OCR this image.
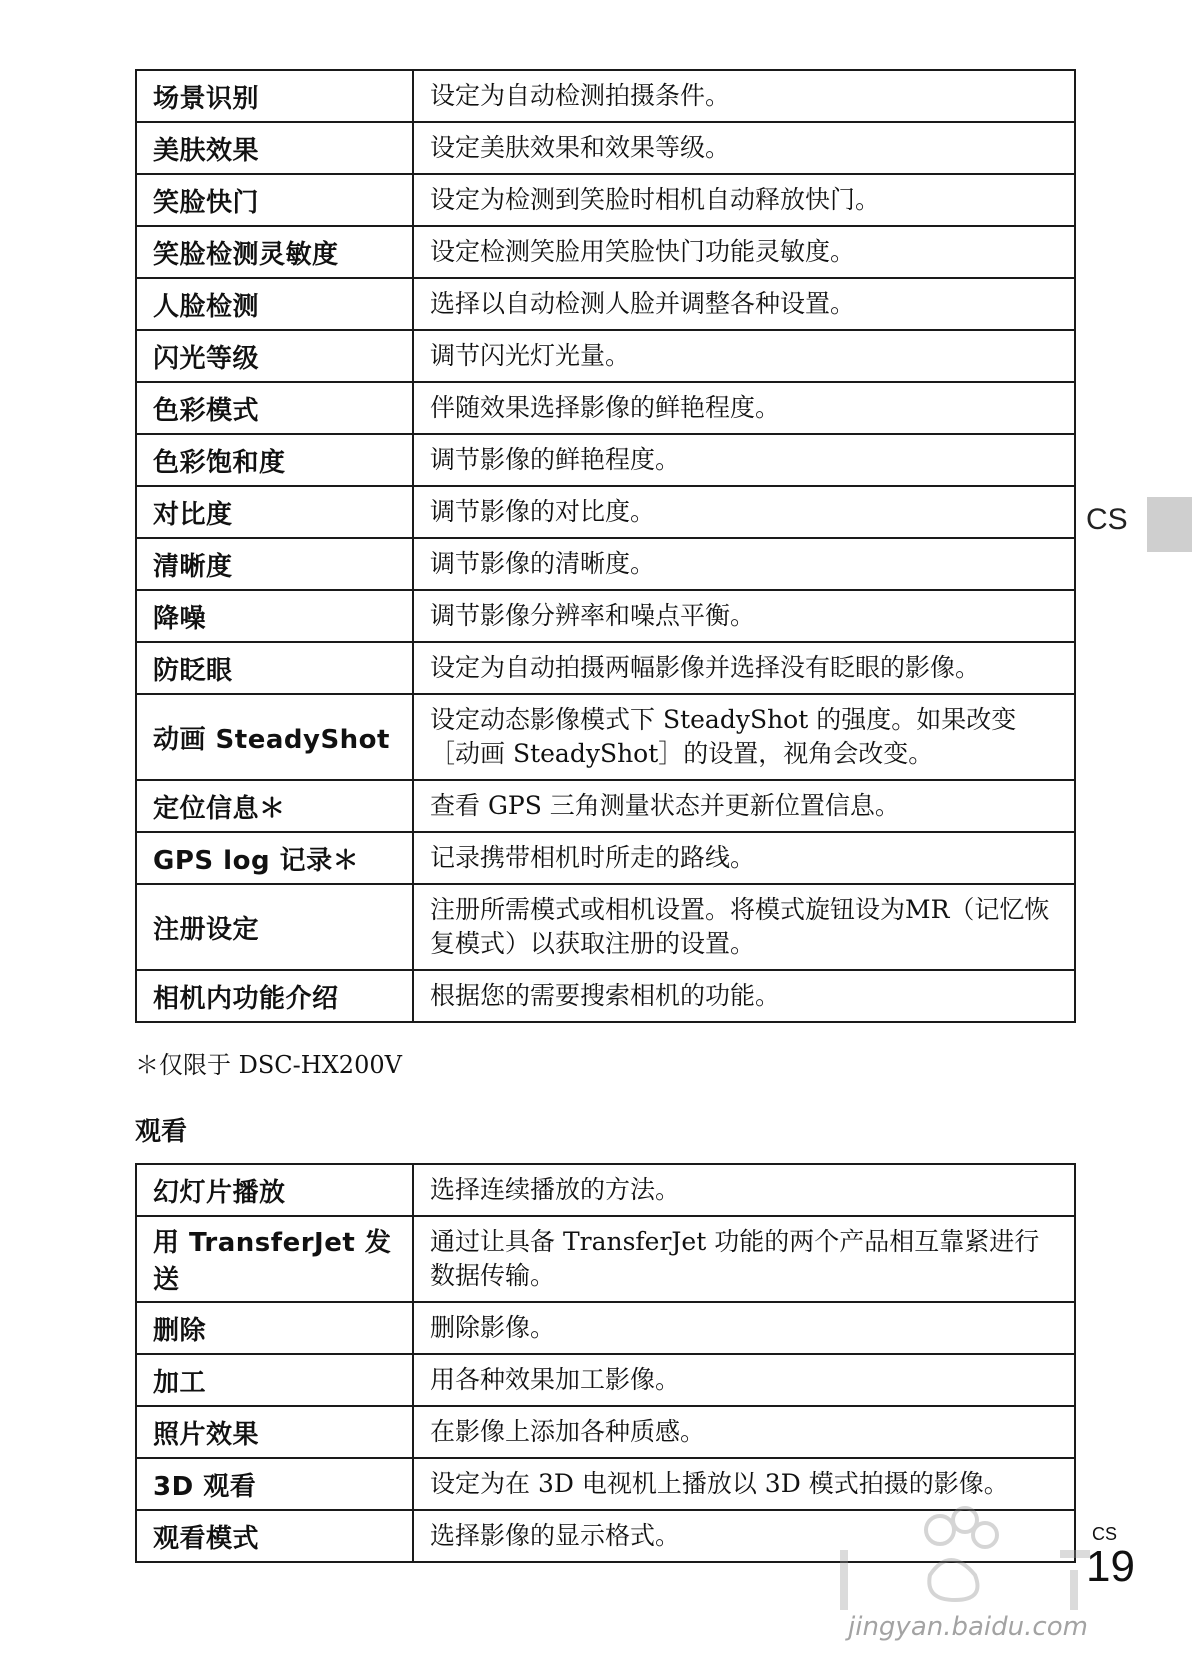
场景识别	设定为自动检测拍摄条件。
美肤效果	设定美肤效果和效果等级。
笑脸快门	设定为检测到笑脸时相机自动释放快门。
笑脸检测灵敏度	设定检测笑脸用笑脸快门功能灵敏度。
人脸检测	选择以自动检测人脸并调整各种设置。
闪光等级	调节闪光灯光量。
色彩模式	伴随效果选择影像的鲜艳程度。
色彩饱和度	调节影像的鲜艳程度。
对比度	调节影像的对比度。
清晰度	调节影像的清晰度。
降噪	调节影像分辨率和噪点平衡。
防眨眼	设定为自动拍摄两幅影像并选择没有眨眼的影像。
动画 SteadyShot	设定动态影像模式下 SteadyShot 的强度。如果改变［动画 SteadyShot］的设置，视角会改变。
定位信息＊	查看 GPS 三角测量状态并更新位置信息。
GPS log 记录＊	记录携带相机时所走的路线。
注册设定	注册所需模式或相机设置。将模式旋钮设为MR（记忆恢复模式）以获取注册的设置。
相机内功能介绍	根据您的需要搜索相机的功能。
＊仅限于 DSC-HX200V
观看
幻灯片播放	选择连续播放的方法。
用 TransferJet 发送	通过让具备 TransferJet 功能的两个产品相互靠紧进行数据传输。
删除	删除影像。
加工	用各种效果加工影像。
照片效果	在影像上添加各种质感。
3D 观看	设定为在 3D 电视机上播放以 3D 模式拍摄的影像。
观看模式	选择影像的显示格式。
CS
CS
19
jingyan.baidu.com
